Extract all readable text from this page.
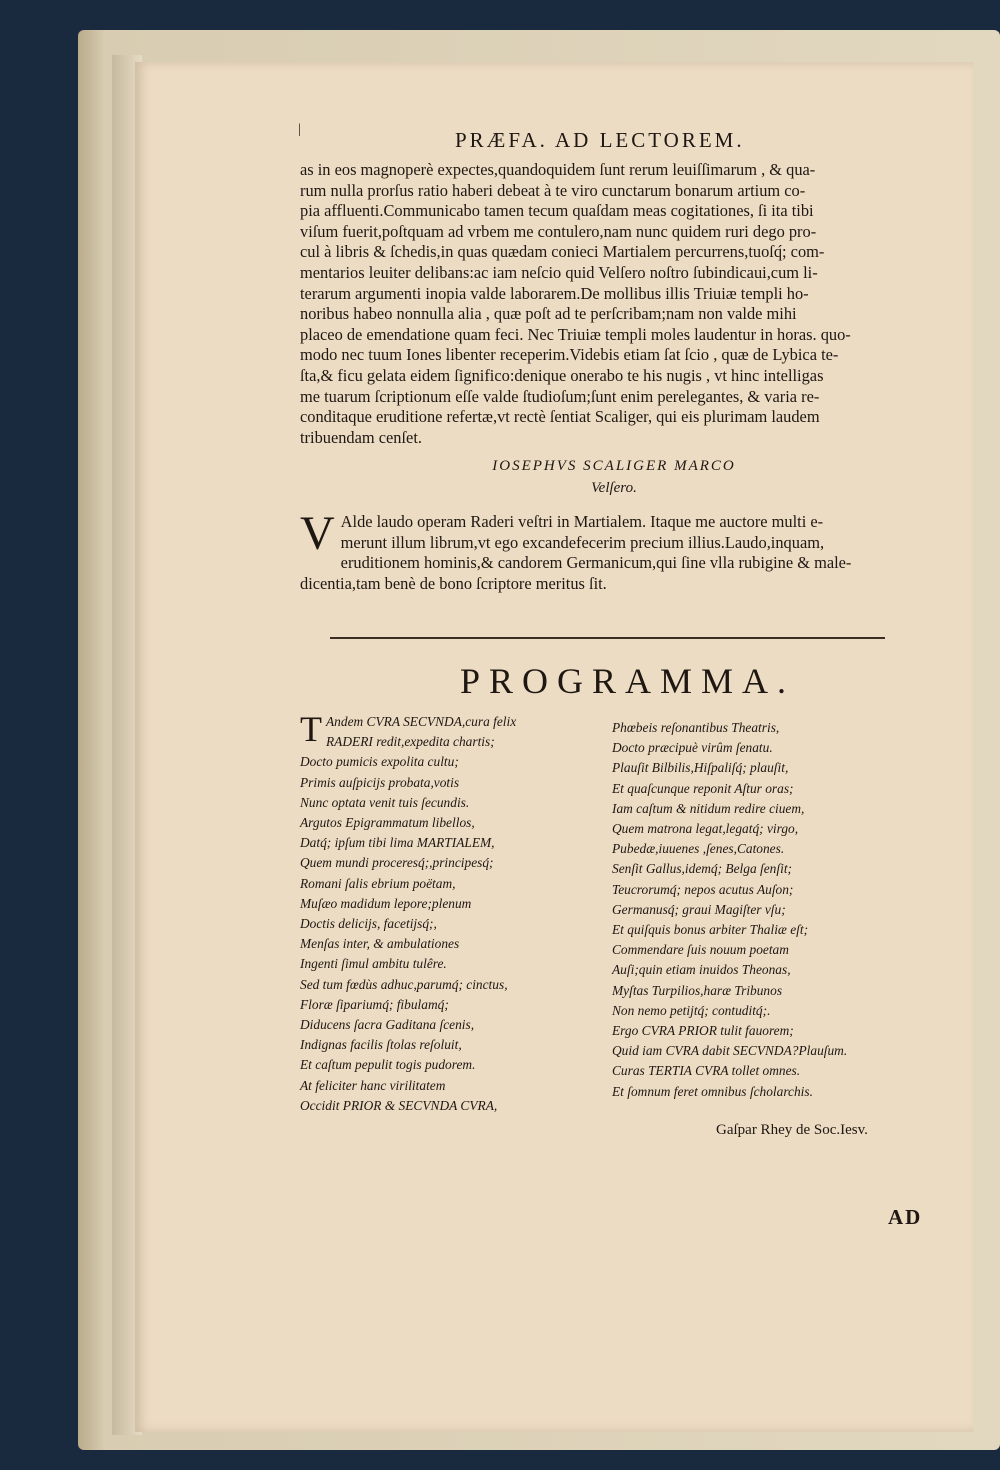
|	PRÆFA. AD LECTOREM.
as in eos magnoperè expectes,quandoquidem ſunt rerum leuiſſimarum , & qua-
rum nulla prorſus ratio haberi debeat à te viro cunctarum bonarum artium co-
pia affluenti.Communicabo tamen tecum quaſdam meas cogitationes, ſi ita tibi
viſum fuerit,poſtquam ad vrbem me contulero,nam nunc quidem ruri dego pro-
cul à libris & ſchedis,in quas quædam conieci Martialem percurrens,tuoſq́; com-
mentarios leuiter delibans:ac iam neſcio quid Velſero noſtro ſubindicaui,cum li-
terarum argumenti inopia valde laborarem.De mollibus illis Triuiæ templi ho-
noribus habeo nonnulla alia , quæ poſt ad te perſcribam;nam non valde mihi
placeo de emendatione quam feci. Nec Triuiæ templi moles laudentur in horas. quo-
modo nec tuum Iones libenter receperim.Videbis etiam ſat ſcio , quæ de Lybica te-
ſta,& ficu gelata eidem ſignifico:denique onerabo te his nugis , vt hinc intelligas
me tuarum ſcriptionum eſſe valde ſtudioſum;ſunt enim perelegantes, & varia re-
conditaque eruditione refertæ,vt rectè ſentiat Scaliger, qui eis plurimam laudem
tribuendam cenſet.
IOSEPHVS SCALIGER MARCO
Velſero.
V Alde laudo operam Raderi veſtri in Martialem. Itaque me auctore multi e-
merunt illum librum,vt ego excandefecerim precium illius.Laudo,inquam,
eruditionem hominis,& candorem Germanicum,qui ſine vlla rubigine & male-
dicentia,tam benè de bono ſcriptore meritus ſit.
PROGRAMMA.
T Andem CVRA SECVNDA,cura felix
RADERI redit,expedita chartis;
Docto pumicis expolita cultu;
Primis auſpicijs probata,votis
Nunc optata venit tuis ſecundis.
Argutos Epigrammatum libellos,
Datq́; ipſum tibi lima MARTIALEM,
Quem mundi proceresq́;,principesq́;
Romani ſalis ebrium poëtam,
Muſæo madidum lepore;plenum
Doctis delicijs, facetijsq́;,
Menſas inter, & ambulationes
Ingenti ſimul ambitu tulêre.
Sed tum fœdùs adhuc,parumq́; cinctus,
Floræ ſipariumq́; fibulamq́;
Diducens ſacra Gaditana ſcenis,
Indignas facilis ſtolas reſoluit,
Et caſtum pepulit togis pudorem.
At feliciter hanc virilitatem
Occidit PRIOR & SECVNDA CVRA,
Phœbeis reſonantibus Theatris,
Docto præcipuè virûm ſenatu.
Plauſit Bilbilis,Hiſpaliſq́; plauſit,
Et quaſcunque reponit Aſtur oras;
Iam caſtum & nitidum redire ciuem,
Quem matrona legat,legatq́; virgo,
Pubedæ,iuuenes ,ſenes,Catones.
Senſit Gallus,idemq́; Belga ſenſit;
Teucrorumq́; nepos acutus Auſon;
Germanusq́; graui Magiſter vſu;
Et quiſquis bonus arbiter Thaliæ eſt;
Commendare ſuis nouum poetam
Auſi;quin etiam inuidos Theonas,
Myſtas Turpilios,haræ Tribunos
Non nemo petijtq́; contuditq́;.
Ergo CVRA PRIOR tulit fauorem;
Quid iam CVRA dabit SECVNDA?Plauſum.
Curas TERTIA CVRA tollet omnes.
Et ſomnum feret omnibus ſcholarchis.
Gaſpar Rhey de Soc.Iesv.
AD
